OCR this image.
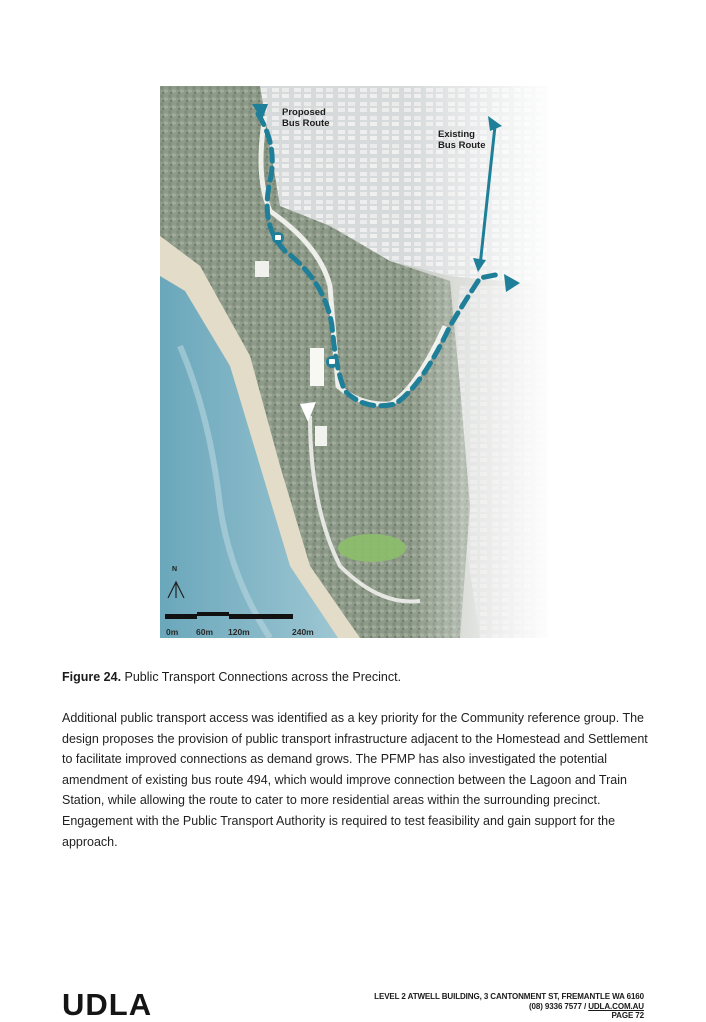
Proposed
Bus Route
Existing
Bus Route
N
0m 60m 120m	240m
Figure 24. Public Transport Connections across the Precinct.
Additional public transport access was identified as a key priority for the Community reference group. The design proposes the provision of public transport infrastructure adjacent to the Homestead and Settlement to facilitate improved connections as demand grows. The PFMP has also investigated the potential amendment of existing bus route 494, which would improve connection between the Lagoon and Train Station, while allowing the route to cater to more residential areas within the surrounding precinct. Engagement with the Public Transport Authority is required to test feasibility and gain support for the approach.
UDLA	LEVEL 2 ATWELL BUILDING, 3 CANTONMENT ST, FREMANTLE WA 6160
(08) 9336 7577 / UDLA.COM.AU
PAGE 72
